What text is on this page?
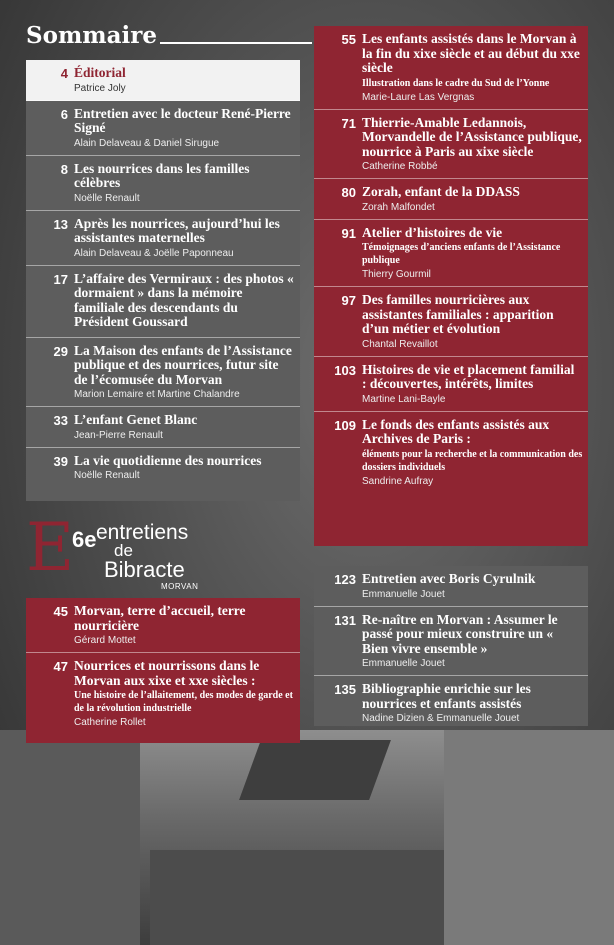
Sommaire
4 Éditorial

Patrice Joly

6 Entretien avec le docteur René-Pierre Signé

Alain Delaveau & Daniel Sirugue

8 Les nourrices dans les familles célèbres

Noëlle Renault

13 Après les nourrices, aujourd’hui les assistantes maternelles

Alain Delaveau & Joëlle Paponneau

17 L’affaire des Vermiraux : des photos « dormaient » dans la mémoire familiale des descendants du Président Goussard

29 La Maison des enfants de l’Assistance publique et des nourrices, futur site de l’écomusée du Morvan

Marion Lemaire et Martine Chalandre

33 L’enfant Genet Blanc

Jean-Pierre Renault

39 La vie quotidienne des nourrices

Noëlle Renault

55 Les enfants assistés dans le Morvan à la fin du xixe siècle et au début du xxe siècle

Illustration dans le cadre du Sud de l’Yonne

Marie-Laure Las Vergnas

71 Thierrie-Amable Ledannois, Morvandelle de l’Assistance publique, nourrice à Paris au xixe siècle

Catherine Robbé

80 Zorah, enfant de la DDASS

Zorah Malfondet

91 Atelier d’histoires de vie

Témoignages d’anciens enfants de l’Assistance publique

Thierry Gourmil

97 Des familles nourricières aux assistantes familiales : apparition d’un métier et évolution

Chantal Revaillot

103 Histoires de vie et placement familial : découvertes, intérêts, limites

Martine Lani-Bayle

109 Le fonds des enfants assistés aux Archives de Paris :

éléments pour la recherche et la communication des dossiers individuels

Sandrine Aufray

E
6e entretiens
de
Bibracte
MORVAN
45 Morvan, terre d’accueil, terre nourricière

Gérard Mottet

47 Nourrices et nourrissons dans le Morvan aux xixe et xxe siècles :

Une histoire de l’allaitement, des modes de garde et de la révolution industrielle

Catherine Rollet

123 Entretien avec Boris Cyrulnik

Emmanuelle Jouet

131 Re-naître en Morvan : Assumer le passé pour mieux construire un « Bien vivre ensemble »

Emmanuelle Jouet

135 Bibliographie enrichie sur les nourrices et enfants assistés

Nadine Dizien & Emmanuelle Jouet
